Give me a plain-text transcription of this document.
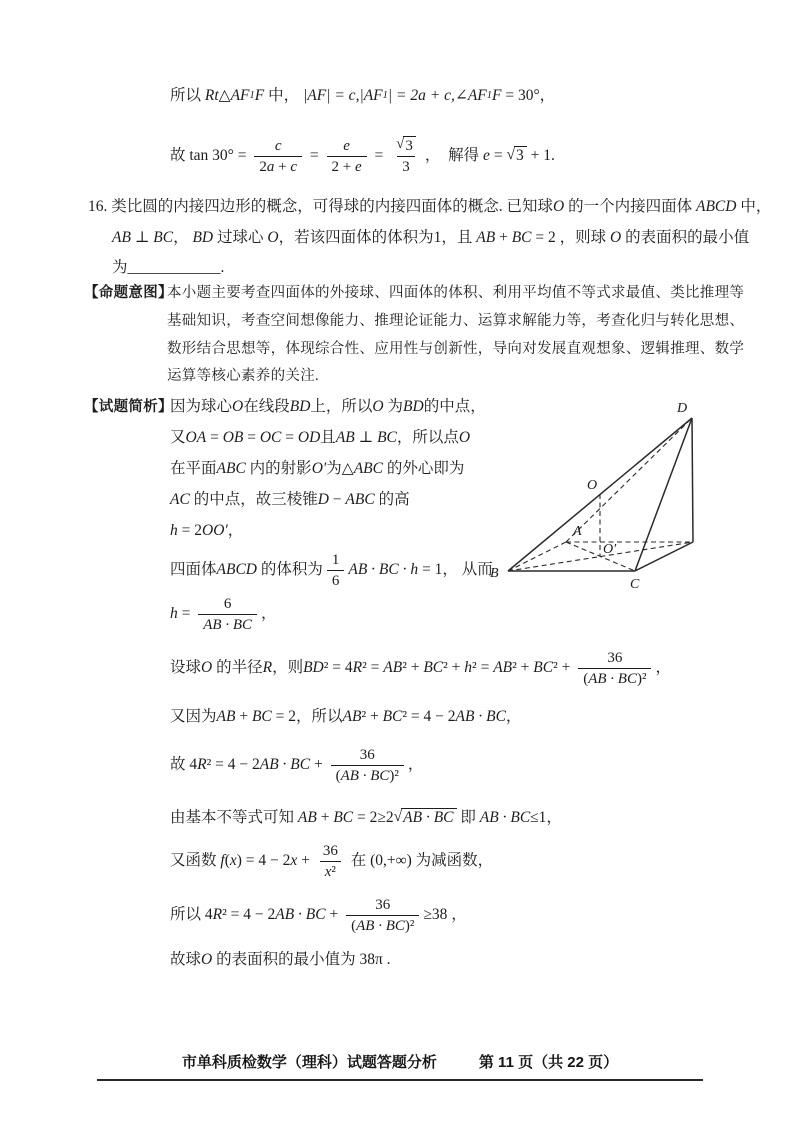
所以 Rt △ AF 1 F 中， |AF| = c,|AF 1 | = 2a + c, ∠ AF 1 F = 30°，
故 $\tan 30^\circ = \frac{c}{2 a + c} = \frac{e}{2 + e} = \frac{√ 3}{3}$ ，  解得 e = √ 3 + 1.
16. 类比圆的内接四边形的概念，可得球的内接四面体的概念. 已知球 O 的一个内接四面体 ABCD 中，
AB ⊥ BC ， BD 过球心 O ，若该四面体的体积为1，且 AB + BC = 2 ，则球 O 的表面积的最小值
为____________.
【命题意图】
本小题主要考查四面体的外接球、四面体的体积、利用平均值不等式求最值、类比推理等
基础知识，考查空间想像能力、推理论证能力、运算求解能力等，考查化归与转化思想、
数形结合思想等，体现综合性、应用性与创新性，导向对发展直观想象、逻辑推理、数学
运算等核心素养的关注.
【试题简析】
因为球心 O 在线段 BD 上，所以 O 为 BD 的中点，
又 OA = OB = OC = OD 且 AB ⊥ BC ，所以点 O
在平面 ABC 内的射影 O′ 为△ ABC 的外心即为
AC 的中点，故三棱锥 D − ABC 的高
h = 2 OO′ ，
四面体 ABCD 的体积为 $\frac{1}{6}$ AB · BC · h = 1， 从而
$h = \frac{6}{AB \cdot BC}$ ，
设球 O 的半径 R ，则 BD ² = 4 R ² = AB ² + BC ² + h ² = AB ² + BC $^2 + \frac{36}{\text{( AB · BC )²}}$ ，
又因为 AB + BC = 2，所以 AB ² + BC ² = 4 − 2 AB · BC ，
故 4 R ² = 4 − 2 AB · BC + $\frac{36}{\text{( AB · BC )²}}$ ，
由基本不等式可知 AB + BC = 2≥2 √ AB · BC 即 AB · BC ≤1，
又函数 f ( x ) = 4 − 2 $x + \frac{36}{\text{x ²}}$ 在 (0,+∞) 为减函数，
所以 4 R ² = 4 − 2 AB · BC + $\frac{36}{\text{( AB · BC )²}} \ge 38$ ，
故球 O 的表面积的最小值为 38π .
B
C
D
O
A
O′
市单科质检数学（理科）试题答题分析	第 11 页（共 22 页）
